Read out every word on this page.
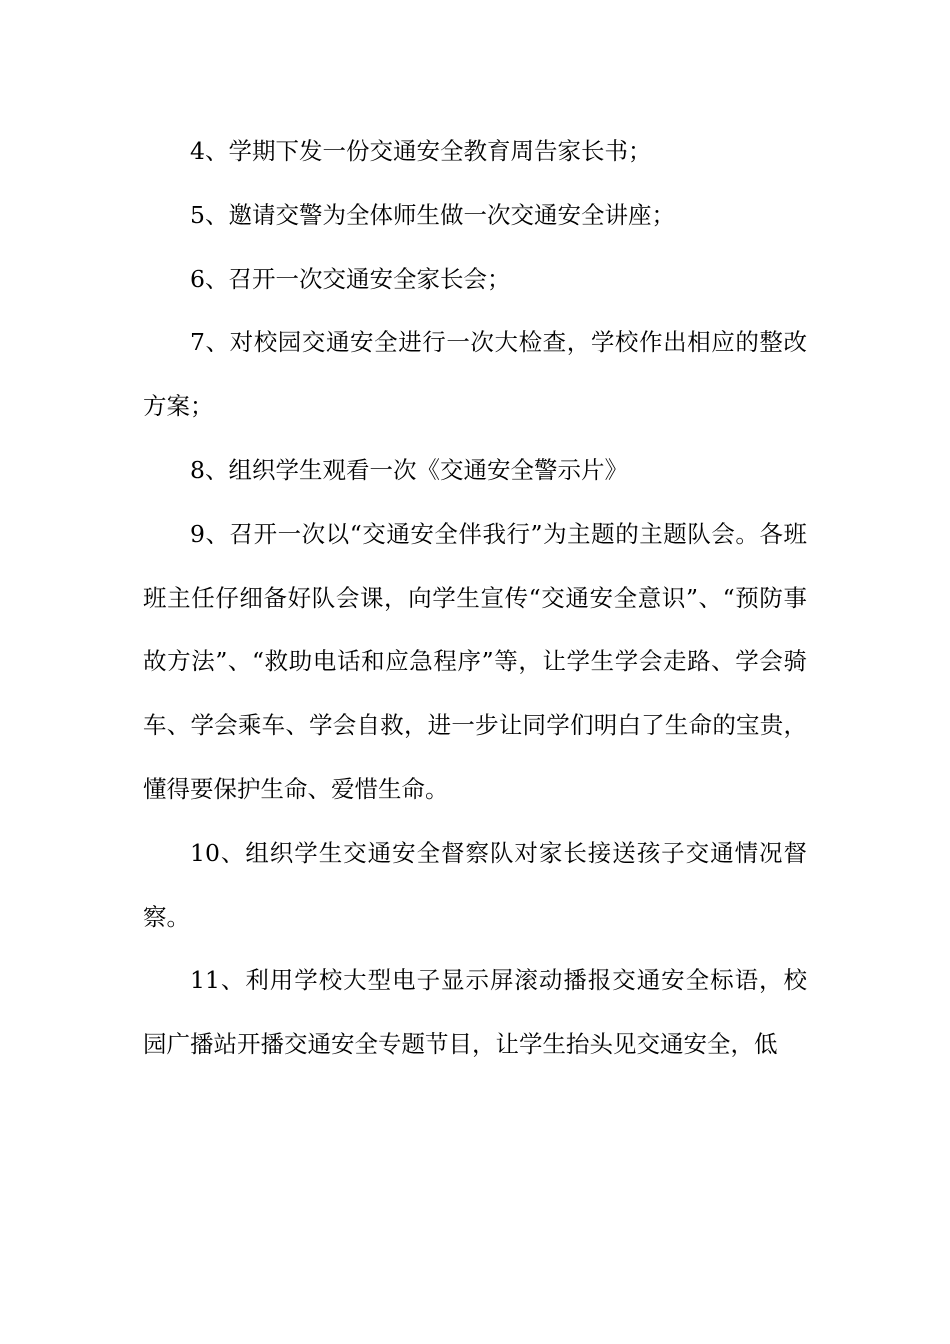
4、学期下发一份交通安全教育周告家长书；

5、邀请交警为全体师生做一次交通安全讲座；

6、召开一次交通安全家长会；

7、对校园交通安全进行一次大检查，学校作出相应的整改方案；

8、组织学生观看一次《交通安全警示片》

9、召开一次以“交通安全伴我行”为主题的主题队会。各班班主任仔细备好队会课，向学生宣传“交通安全意识”、“预防事故方法”、“救助电话和应急程序”等，让学生学会走路、学会骑车、学会乘车、学会自救，进一步让同学们明白了生命的宝贵，懂得要保护生命、爱惜生命。

10、组织学生交通安全督察队对家长接送孩子交通情况督察。

11、利用学校大型电子显示屏滚动播报交通安全标语，校园广播站开播交通安全专题节目，让学生抬头见交通安全，低
